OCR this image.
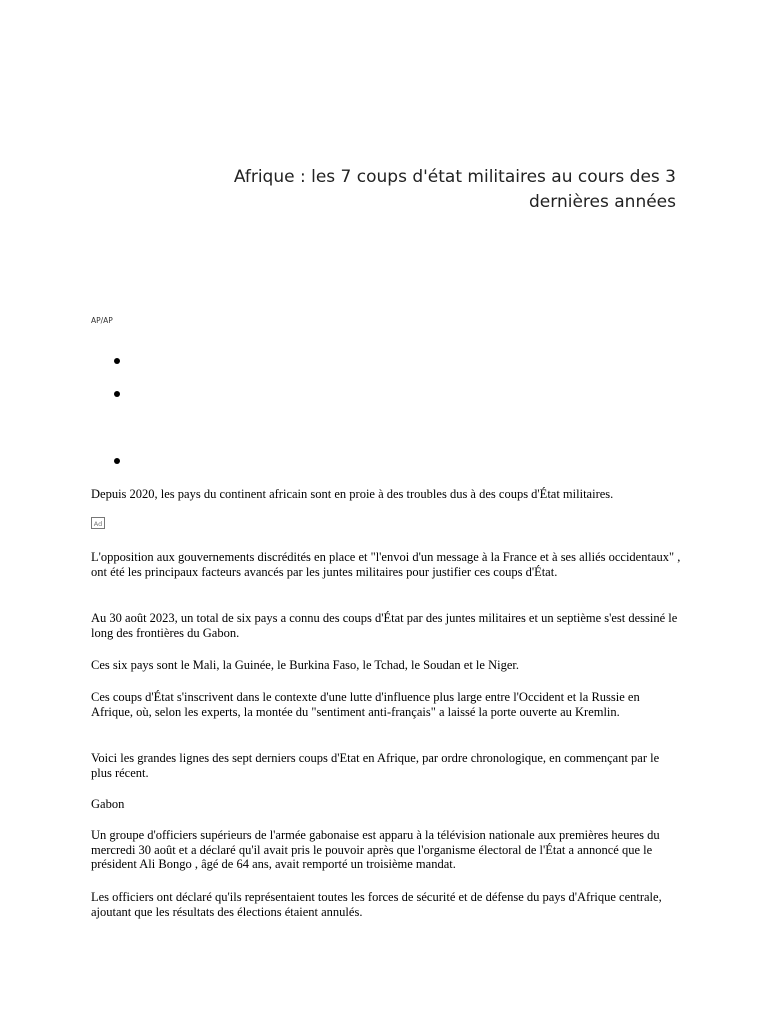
Afrique : les 7 coups d'état militaires au cours des 3 dernières années
AP/AP

Depuis 2020, les pays du continent africain sont en proie à des troubles dus à des coups d'État militaires.

Ad

L'opposition aux gouvernements discrédités en place et "l'envoi d'un message à la France et à ses alliés occidentaux" , ont été les principaux facteurs avancés par les juntes militaires pour justifier ces coups d'État.

Au 30 août 2023, un total de six pays a connu des coups d'État par des juntes militaires et un septième s'est dessiné le long des frontières du Gabon.

Ces six pays sont le Mali, la Guinée, le Burkina Faso, le Tchad, le Soudan et le Niger.

Ces coups d'État s'inscrivent dans le contexte d'une lutte d'influence plus large entre l'Occident et la Russie en Afrique, où, selon les experts, la montée du "sentiment anti-français" a laissé la porte ouverte au Kremlin.

Voici les grandes lignes des sept derniers coups d'Etat en Afrique, par ordre chronologique, en commençant par le plus récent.

Gabon

Un groupe d'officiers supérieurs de l'armée gabonaise est apparu à la télévision nationale aux premières heures du mercredi 30 août et a déclaré qu'il avait pris le pouvoir après que l'organisme électoral de l'État a annoncé que le président Ali Bongo , âgé de 64 ans, avait remporté un troisième mandat.

Les officiers ont déclaré qu'ils représentaient toutes les forces de sécurité et de défense du pays d'Afrique centrale, ajoutant que les résultats des élections étaient annulés.
